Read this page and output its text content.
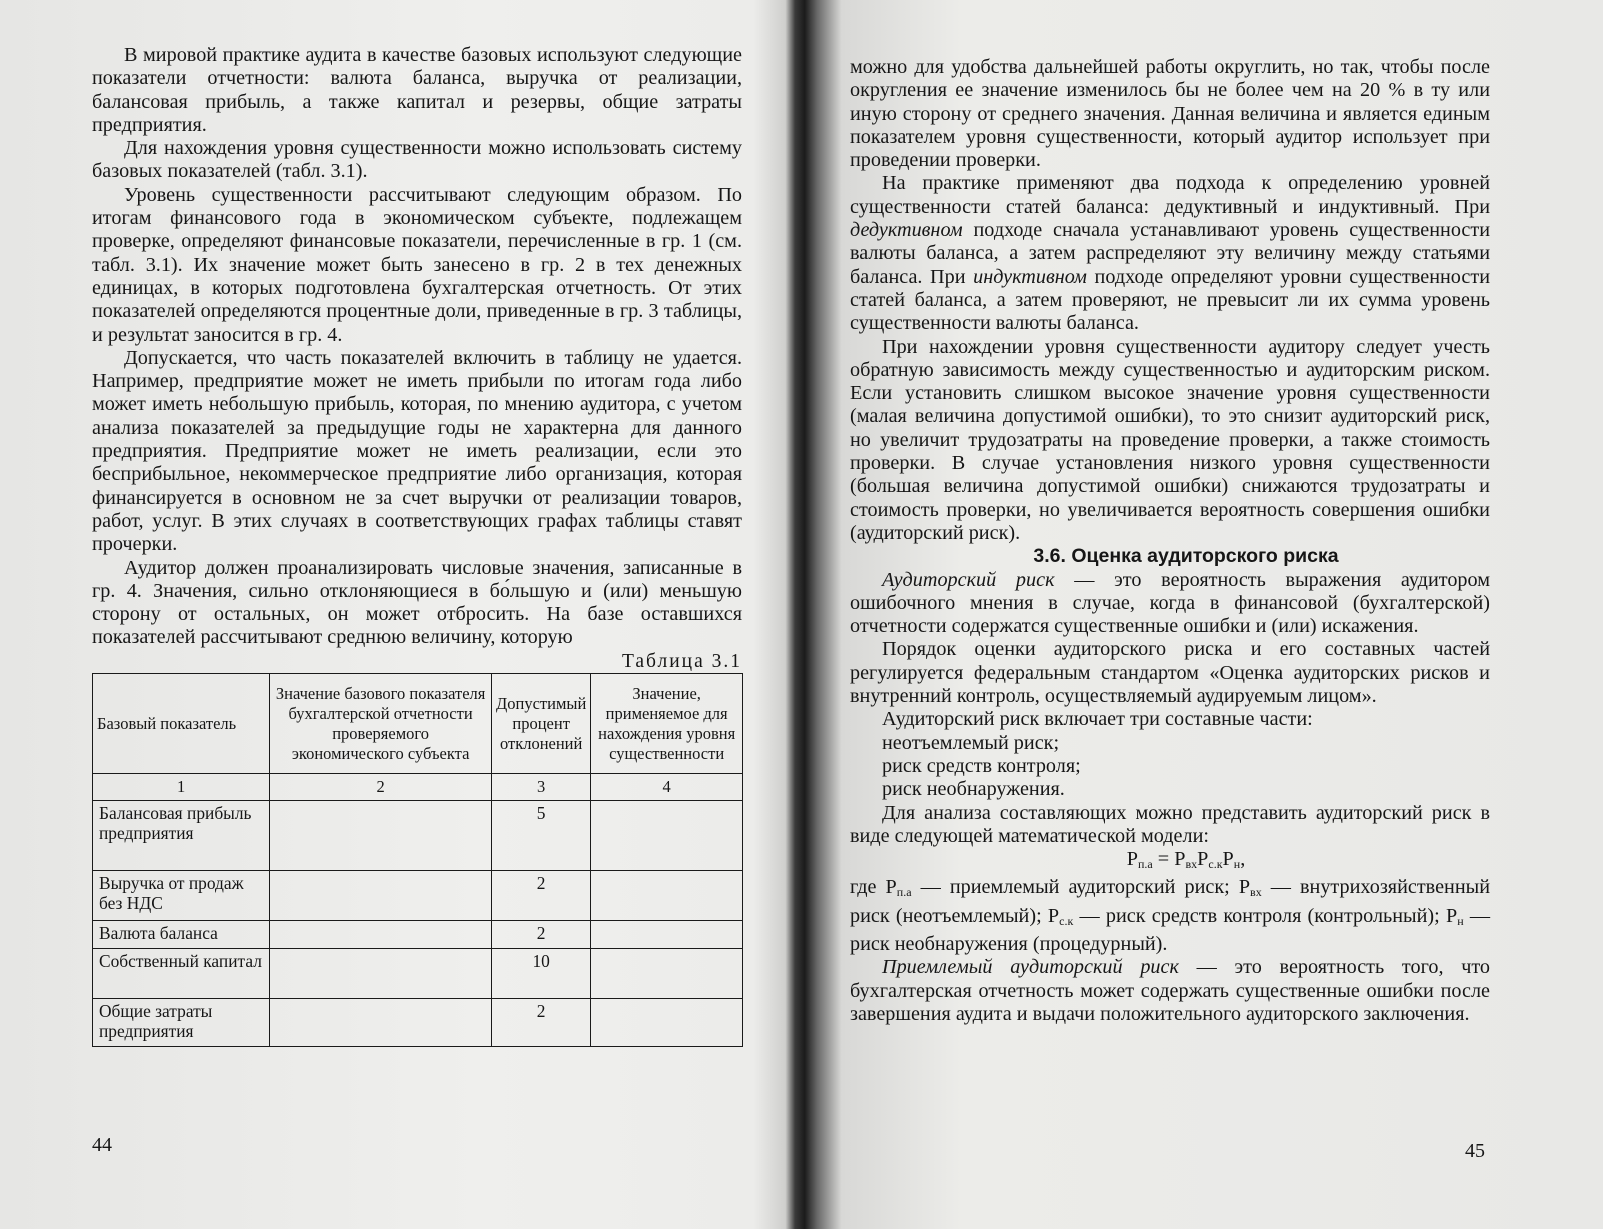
В мировой практике аудита в качестве базовых используют следующие показатели отчетности: валюта баланса, выручка от реализации, балансовая прибыль, а также капитал и резервы, общие затраты предприятия.

Для нахождения уровня существенности можно использовать систему базовых показателей (табл. 3.1).

Уровень существенности рассчитывают следующим образом. По итогам финансового года в экономическом субъекте, подлежащем проверке, определяют финансовые показатели, перечисленные в гр. 1 (см. табл. 3.1). Их значение может быть занесено в гр. 2 в тех денежных единицах, в которых подготовлена бухгалтерская отчетность. От этих показателей определяются процентные доли, приведенные в гр. 3 таблицы, и результат заносится в гр. 4.

Допускается, что часть показателей включить в таблицу не удается. Например, предприятие может не иметь прибыли по итогам года либо может иметь небольшую прибыль, которая, по мнению аудитора, с учетом анализа показателей за предыдущие годы не характерна для данного предприятия. Предприятие может не иметь реализации, если это бесприбыльное, некоммерческое предприятие либо организация, которая финансируется в основном не за счет выручки от реализации товаров, работ, услуг. В этих случаях в соответствующих графах таблицы ставят прочерки.

Аудитор должен проанализировать числовые значения, записанные в гр. 4. Значения, сильно отклоняющиеся в бо́льшую и (или) меньшую сторону от остальных, он может отбросить. На базе оставшихся показателей рассчитывают среднюю величину, которую

Таблица 3.1

Базовый показатель	Значение базового показателя бухгалтерской отчетности проверяемого экономического субъекта	Допустимый процент отклонений	Значение, применяемое для нахождения уровня существенности
1	2	3	4
Балансовая прибыль предприятия		5	
Выручка от продаж без НДС		2	
Валюта баланса		2	
Собственный капитал		10	
Общие затраты предприятия		2	
44

можно для удобства дальнейшей работы округлить, но так, чтобы после округления ее значение изменилось бы не более чем на 20 % в ту или иную сторону от среднего значения. Данная величина и является единым показателем уровня существенности, который аудитор использует при проведении проверки.

На практике применяют два подхода к определению уровней существенности статей баланса: дедуктивный и индуктивный. При дедуктивном подходе сначала устанавливают уровень существенности валюты баланса, а затем распределяют эту величину между статьями баланса. При индуктивном подходе определяют уровни существенности статей баланса, а затем проверяют, не превысит ли их сумма уровень существенности валюты баланса.

При нахождении уровня существенности аудитору следует учесть обратную зависимость между существенностью и аудиторским риском. Если установить слишком высокое значение уровня существенности (малая величина допустимой ошибки), то это снизит аудиторский риск, но увеличит трудозатраты на проведение проверки, а также стоимость проверки. В случае установления низкого уровня существенности (большая величина допустимой ошибки) снижаются трудозатраты и стоимость проверки, но увеличивается вероятность совершения ошибки (аудиторский риск).

3.6. Оценка аудиторского риска

Аудиторский риск — это вероятность выражения аудитором ошибочного мнения в случае, когда в финансовой (бухгалтерской) отчетности содержатся существенные ошибки и (или) искажения.

Порядок оценки аудиторского риска и его составных частей регулируется федеральным стандартом «Оценка аудиторских рисков и внутренний контроль, осуществляемый аудируемым лицом».

Аудиторский риск включает три составные части:

неотъемлемый риск;

риск средств контроля;

риск необнаружения.

Для анализа составляющих можно представить аудиторский риск в виде следующей математической модели:

$Р_{п.а} = Р_{вх}Р_{с.к}Р_н$,

где $Р_{п.а}$ — приемлемый аудиторский риск; $Р_{вх}$ — внутрихозяйственный риск (неотъемлемый); $Р_{с.к}$ — риск средств контроля (контрольный); $Р_н$ — риск необнаружения (процедурный).

Приемлемый аудиторский риск — это вероятность того, что бухгалтерская отчетность может содержать существенные ошибки после завершения аудита и выдачи положительного аудиторского заключения.

45
